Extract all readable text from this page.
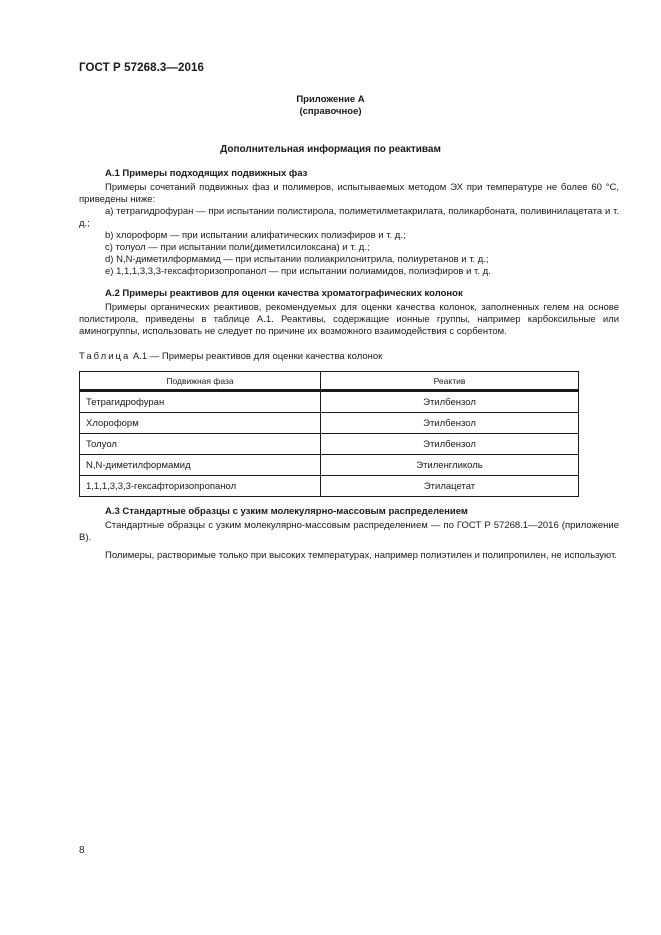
ГОСТ Р 57268.3—2016
Приложение А
(справочное)
Дополнительная информация по реактивам

А.1 Примеры подходящих подвижных фаз

Примеры сочетаний подвижных фаз и полимеров, испытываемых методом ЭХ при температуре не более 60 °С, приведены ниже:

a) тетрагидрофуран — при испытании полистирола, полиметилметакрилата, поликарбоната, поливинилацетата и т. д.;

b) хлороформ — при испытании алифатических полиэфиров и т. д.;

c) толуол — при испытании поли(диметилсилоксана) и т. д.;

d) N,N-диметилформамид — при испытании полиакрилонитрила, полиуретанов и т. д.;

e) 1,1,1,3,3,3-гексафторизопропанол — при испытании полиамидов, полиэфиров и т. д.

А.2 Примеры реактивов для оценки качества хроматографических колонок

Примеры органических реактивов, рекомендуемых для оценки качества колонок, заполненных гелем на основе полистирола, приведены в таблице А.1. Реактивы, содержащие ионные группы, например карбоксильные или аминогруппы, использовать не следует по причине их возможного взаимодействия с сорбентом.

Таблица А.1 — Примеры реактивов для оценки качества колонок
Подвижная фаза	Реактив
Тетрагидрофуран	Этилбензол
Хлороформ	Этилбензол
Толуол	Этилбензол
N,N-диметилформамид	Этиленгликоль
1,1,1,3,3,3-гексафторизопропанол	Этилацетат

А.3 Стандартные образцы с узким молекулярно-массовым распределением

Стандартные образцы с узким молекулярно-массовым распределением — по ГОСТ Р 57268.1—2016 (приложение В).

Полимеры, растворимые только при высоких температурах, например полиэтилен и полипропилен, не используют.

8
